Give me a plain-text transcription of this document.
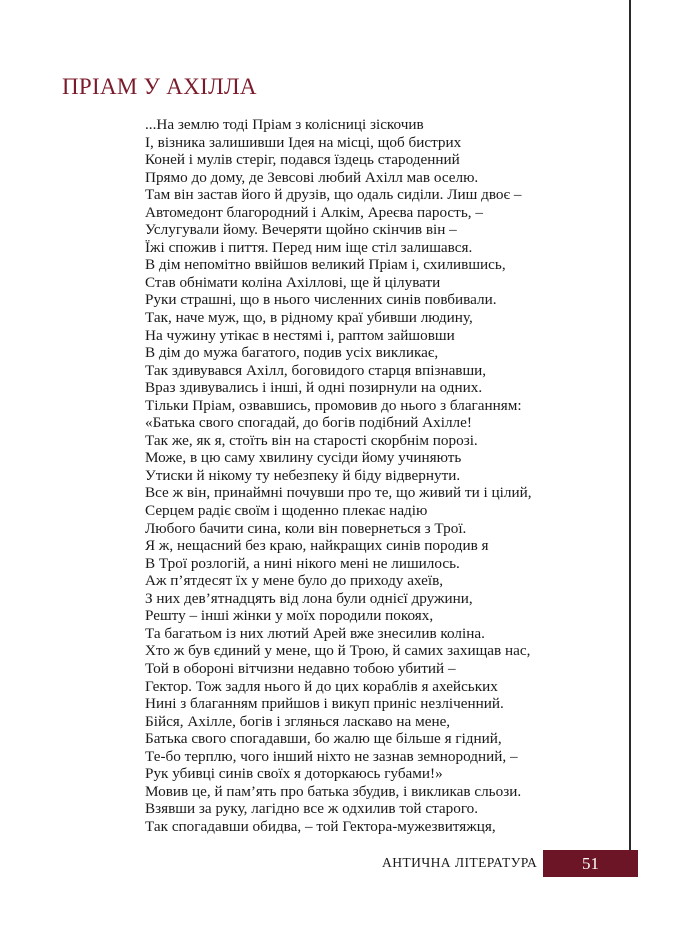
ПРІАМ У АХІЛЛА
...На землю тоді Пріам з колісниці зіскочив
І, візника залишивши Ідея на місці, щоб бистрих
Коней і мулів стеріг, подався їздець староденний
Прямо до дому, де Зевсові любий Ахілл мав оселю.
Там він застав його й друзів, що одаль сиділи. Лиш двоє –
Автомедонт благородний і Алкім, Ареєва парость, –
Услугували йому. Вечеряти щойно скінчив він –
Їжі спожив і пиття. Перед ним іще стіл залишався.
В дім непомітно ввійшов великий Пріам і, схилившись,
Став обнімати коліна Ахіллові, ще й цілувати
Руки страшні, що в нього численних синів повбивали.
Так, наче муж, що, в рідному краї убивши людину,
На чужину утікає в нестямі і, раптом зайшовши
В дім до мужа багатого, подив усіх викликає,
Так здивувався Ахілл, боговидого старця впізнавши,
Враз здивувались і інші, й одні позирнули на одних.
Тільки Пріам, озвавшись, промовив до нього з благанням:
«Батька свого спогадай, до богів подібний Ахілле!
Так же, як я, стоїть він на старості скорбнім порозі.
Може, в цю саму хвилину сусіди йому учиняють
Утиски й нікому ту небезпеку й біду відвернути.
Все ж він, принаймні почувши про те, що живий ти і цілий,
Серцем радіє своїм і щоденно плекає надію
Любого бачити сина, коли він повернеться з Трої.
Я ж, нещасний без краю, найкращих синів породив я
В Трої розлогій, а нині нікого мені не лишилось.
Аж п’ятдесят їх у мене було до приходу ахеїв,
З них дев’ятнадцять від лона були однієї дружини,
Решту – інші жінки у моїх породили покоях,
Та багатьом із них лютий Арей вже знесилив коліна.
Хто ж був єдиний у мене, що й Трою, й самих захищав нас,
Той в обороні вітчизни недавно тобою убитий –
Гектор. Тож задля нього й до цих кораблів я ахейських
Нині з благанням прийшов і викуп приніс незліченний.
Бійся, Ахілле, богів і зглянься ласкаво на мене,
Батька свого спогадавши, бо жалю ще більше я гідний,
Те-бо терплю, чого інший ніхто не зазнав земнородний, –
Рук убивці синів своїх я доторкаюсь губами!»
Мовив це, й пам’ять про батька збудив, і викликав сльози.
Взявши за руку, лагідно все ж одхилив той старого.
Так спогадавши обидва, – той Гектора-мужезвитяжця,
АНТИЧНА ЛІТЕРАТУРА	51
